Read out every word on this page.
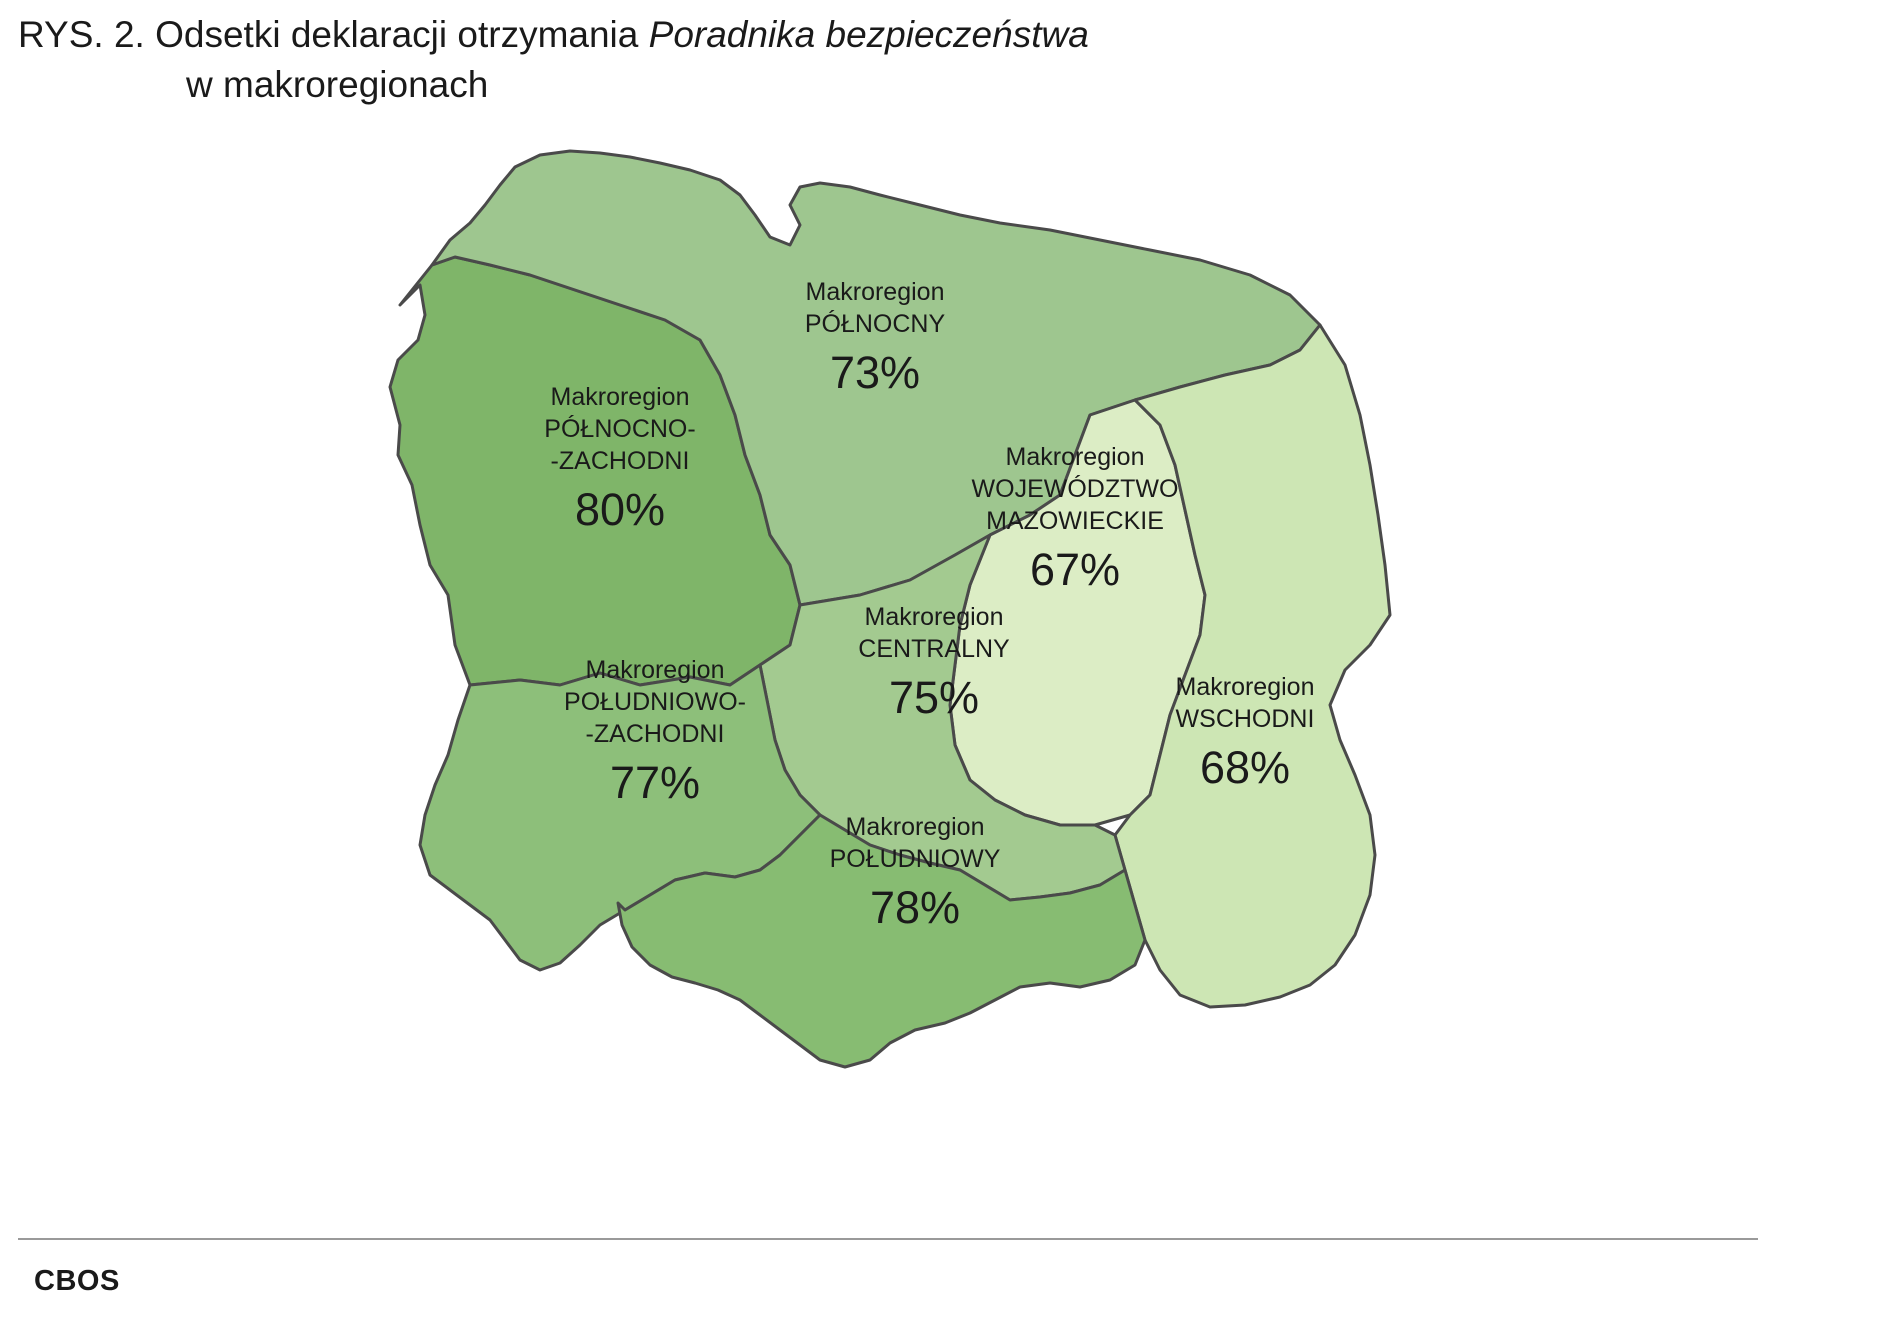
RYS. 2. Odsetki deklaracji otrzymania Poradnika bezpieczeństwa
w makroregionach
Makroregion
PÓŁNOCNY
73%
Makroregion
PÓŁNOCNO-
-ZACHODNI
80%
Makroregion
WOJEWÓDZTWO
MAZOWIECKIE
67%
Makroregion
CENTRALNY
75%	Makroregion
WSCHODNI
68%
Makroregion
POŁUDNIOWO-
-ZACHODNI
77%
Makroregion
POŁUDNIOWY
78%
CBOS
